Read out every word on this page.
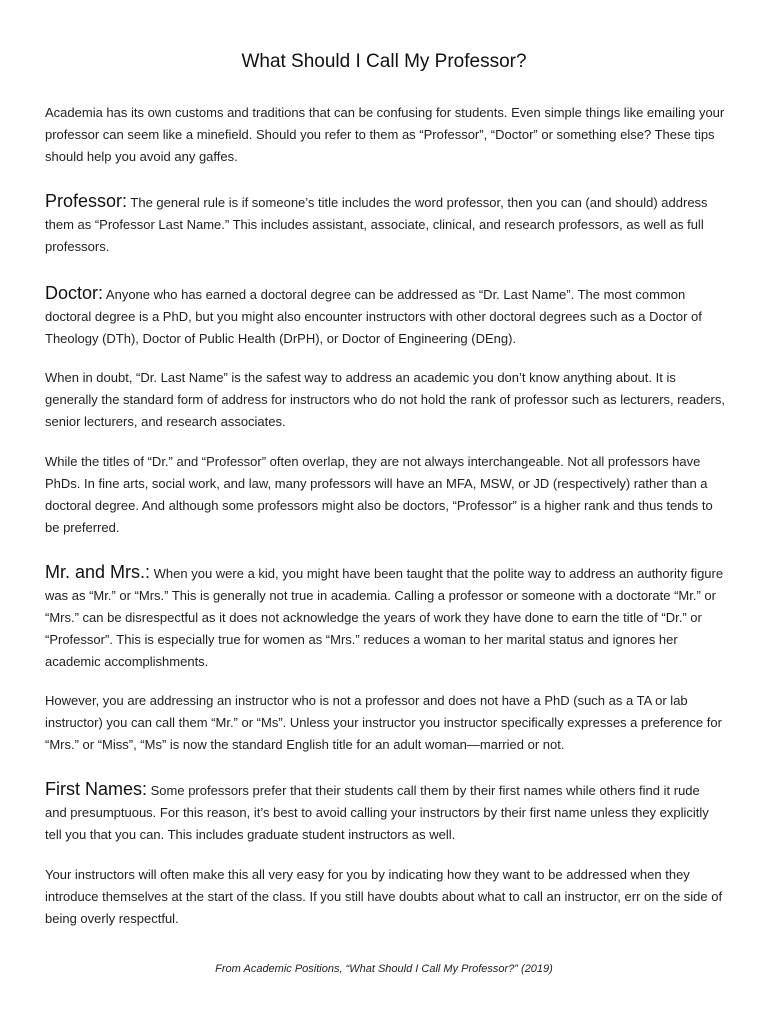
What Should I Call My Professor?

Academia has its own customs and traditions that can be confusing for students. Even simple things like emailing your professor can seem like a minefield. Should you refer to them as “Professor”, “Doctor” or something else? These tips should help you avoid any gaffes.

Professor: The general rule is if someone’s title includes the word professor, then you can (and should) address them as “Professor Last Name.” This includes assistant, associate, clinical, and research professors, as well as full professors.

Doctor: Anyone who has earned a doctoral degree can be addressed as “Dr. Last Name”. The most common doctoral degree is a PhD, but you might also encounter instructors with other doctoral degrees such as a Doctor of Theology (DTh), Doctor of Public Health (DrPH), or Doctor of Engineering (DEng).

When in doubt, “Dr. Last Name” is the safest way to address an academic you don’t know anything about. It is generally the standard form of address for instructors who do not hold the rank of professor such as lecturers, readers, senior lecturers, and research associates.

While the titles of “Dr.” and “Professor” often overlap, they are not always interchangeable. Not all professors have PhDs. In fine arts, social work, and law, many professors will have an MFA, MSW, or JD (respectively) rather than a doctoral degree. And although some professors might also be doctors, “Professor” is a higher rank and thus tends to be preferred.

Mr. and Mrs.: When you were a kid, you might have been taught that the polite way to address an authority figure was as “Mr.” or “Mrs.” This is generally not true in academia. Calling a professor or someone with a doctorate “Mr.” or “Mrs.” can be disrespectful as it does not acknowledge the years of work they have done to earn the title of “Dr.” or “Professor”. This is especially true for women as “Mrs.” reduces a woman to her marital status and ignores her academic accomplishments.

However, you are addressing an instructor who is not a professor and does not have a PhD (such as a TA or lab instructor) you can call them “Mr.” or “Ms”. Unless your instructor you instructor specifically expresses a preference for “Mrs.” or “Miss”, “Ms” is now the standard English title for an adult woman—married or not.

First Names: Some professors prefer that their students call them by their first names while others find it rude and presumptuous. For this reason, it’s best to avoid calling your instructors by their first name unless they explicitly tell you that you can. This includes graduate student instructors as well.

Your instructors will often make this all very easy for you by indicating how they want to be addressed when they introduce themselves at the start of the class. If you still have doubts about what to call an instructor, err on the side of being overly respectful.

From Academic Positions, “What Should I Call My Professor?” (2019)
